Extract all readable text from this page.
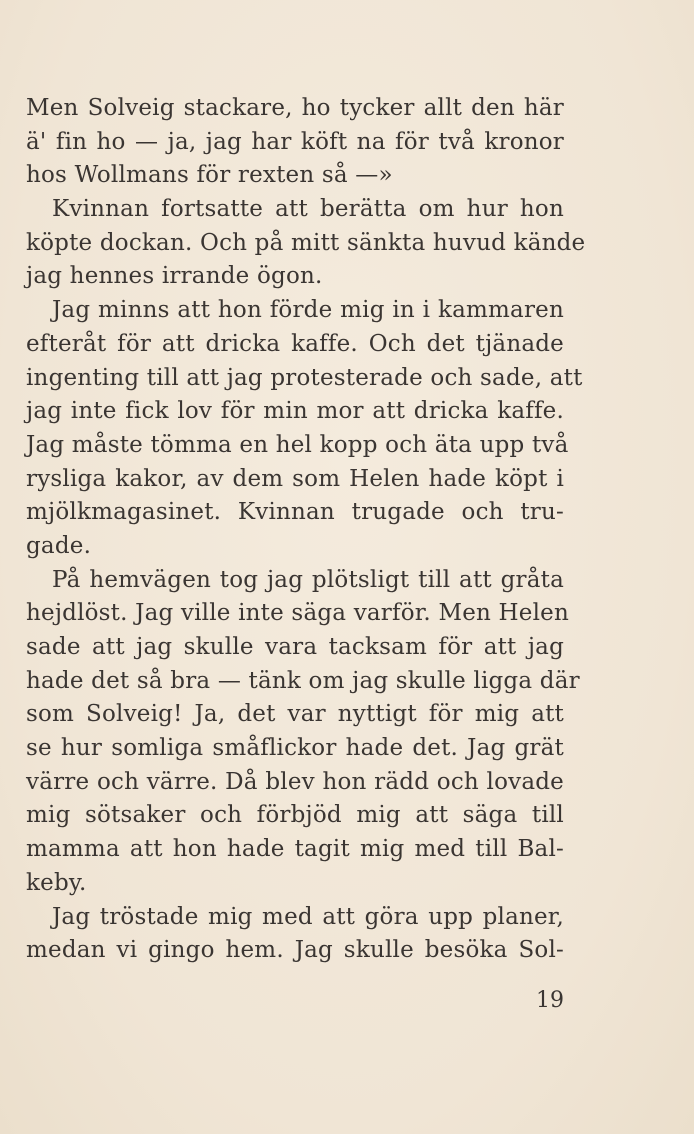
Men Solveig stackare, ho tycker allt den här
ä' fin ho — ja, jag har köft na för två kronor
hos Wollmans för rexten så —»
Kvinnan fortsatte att berätta om hur hon
köpte dockan. Och på mitt sänkta huvud kände
jag hennes irrande ögon.
Jag minns att hon förde mig in i kammaren
efteråt för att dricka kaffe. Och det tjänade
ingenting till att jag protesterade och sade, att
jag inte fick lov för min mor att dricka kaffe.
Jag måste tömma en hel kopp och äta upp två
rysliga kakor, av dem som Helen hade köpt i
mjölkmagasinet. Kvinnan trugade och tru-
gade.
På hemvägen tog jag plötsligt till att gråta
hejdlöst. Jag ville inte säga varför. Men Helen
sade att jag skulle vara tacksam för att jag
hade det så bra — tänk om jag skulle ligga där
som Solveig! Ja, det var nyttigt för mig att
se hur somliga småflickor hade det. Jag grät
värre och värre. Då blev hon rädd och lovade
mig sötsaker och förbjöd mig att säga till
mamma att hon hade tagit mig med till Bal-
keby.
Jag tröstade mig med att göra upp planer,
medan vi gingo hem. Jag skulle besöka Sol-
19
